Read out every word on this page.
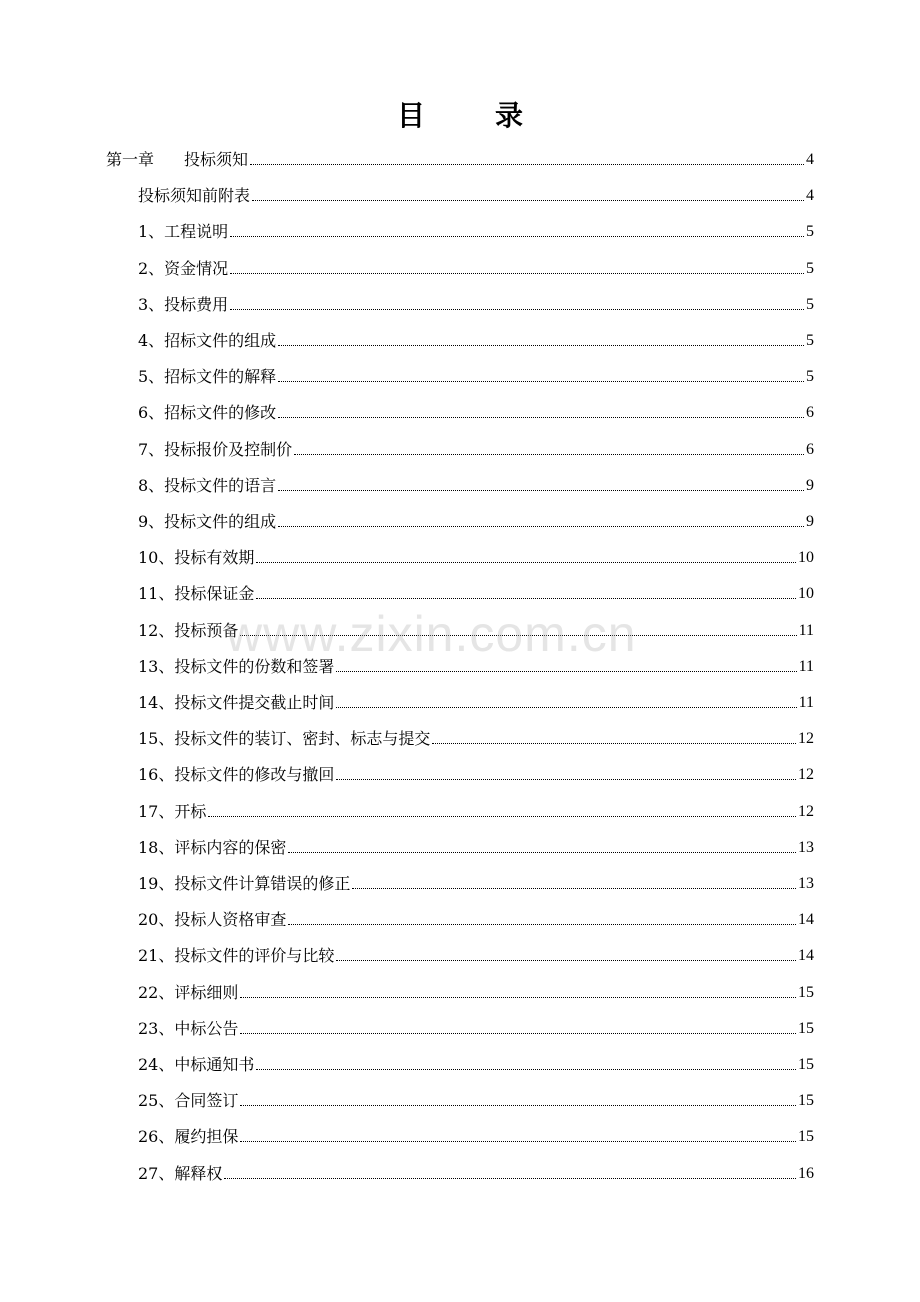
目	录
第一章 投标须知	4
投标须知前附表	4
1、工程说明	5
2、资金情况	5
3、投标费用	5
4、招标文件的组成	5
5、招标文件的解释	5
6、招标文件的修改	6
7、投标报价及控制价	6
8、投标文件的语言	9
9、投标文件的组成	9
10、投标有效期	10
11、投标保证金	10
12、投标预备	11
13、投标文件的份数和签署	11
14、投标文件提交截止时间	11
15、投标文件的装订、密封、标志与提交	12
16、投标文件的修改与撤回	12
17、开标	12
18、评标内容的保密	13
19、投标文件计算错误的修正	13
20、投标人资格审查	14
21、投标文件的评价与比较	14
22、评标细则	15
23、中标公告	15
24、中标通知书	15
25、合同签订	15
26、履约担保	15
27、解释权	16
www.zixin.com.cn
